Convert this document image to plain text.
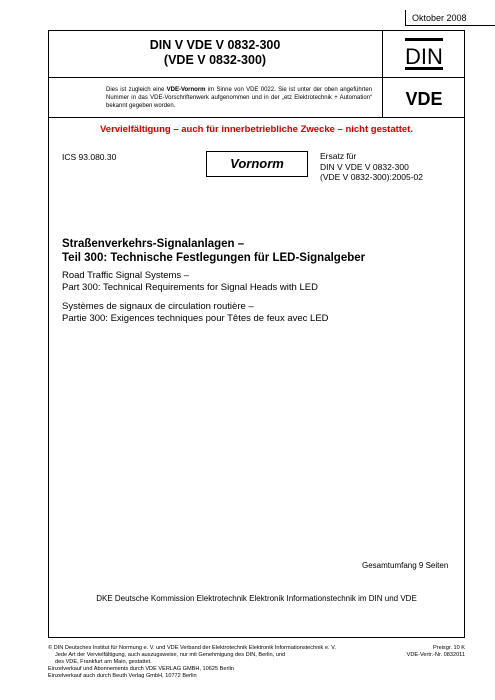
Oktober 2008
DIN V VDE V 0832-300
(VDE V 0832-300)	DIN
VDE
Dies ist zugleich eine VDE-Vornorm im Sinne von VDE 0022. Sie ist unter der oben angeführten Nummer in das VDE-Vorschriftenwerk aufgenommen und in der „etz Elektrotechnik + Automation“ bekannt gegeben worden.
Vervielfältigung – auch für innerbetriebliche Zwecke – nicht gestattet.
ICS 93.080.30	Vornorm	Ersatz für
DIN V VDE V 0832-300
(VDE V 0832-300):2005-02
Straßenverkehrs-Signalanlagen –
Teil 300: Technische Festlegungen für LED-Signalgeber
Road Traffic Signal Systems –
Part 300: Technical Requirements for Signal Heads with LED
Systèmes de signaux de circulation routière –
Partie 300: Exigences techniques pour Têtes de feux avec LED
Gesamtumfang 9 Seiten
DKE Deutsche Kommission Elektrotechnik Elektronik Informationstechnik im DIN und VDE
© DIN Deutsches Institut für Normung e. V. und VDE Verband der Elektrotechnik Elektronik Informationstechnik e. V.
Jede Art der Vervielfältigung, auch auszugsweise, nur mit Genehmigung des DIN, Berlin, und
des VDE, Frankfurt am Main, gestattet.
Einzelverkauf und Abonnements durch VDE VERLAG GMBH, 10625 Berlin
Einzelverkauf auch durch Beuth Verlag GmbH, 10772 Berlin
Preisgr. 10 K
VDE-Vertr.-Nr. 0832011
